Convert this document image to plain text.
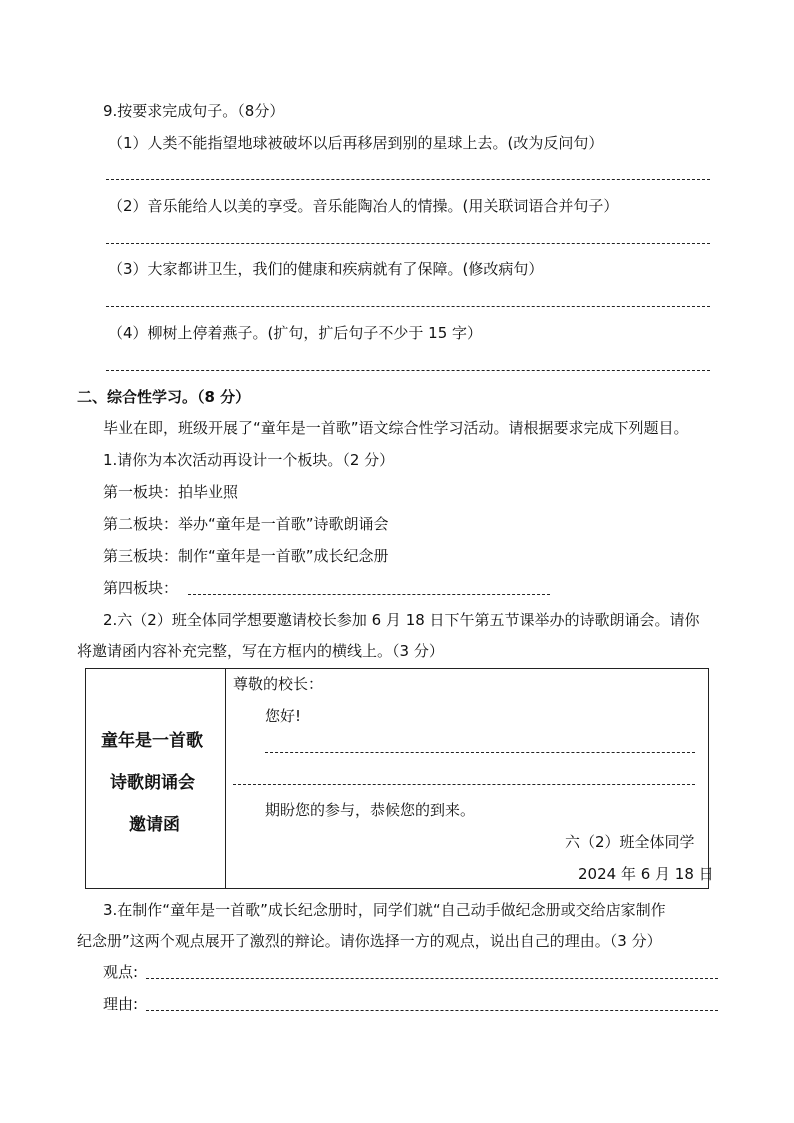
9.按要求完成句子。（8分）
（1）人类不能指望地球被破坏以后再移居到别的星球上去。(改为反问句）
（2）音乐能给人以美的享受。音乐能陶冶人的情操。(用关联词语合并句子）
（3）大家都讲卫生，我们的健康和疾病就有了保障。(修改病句）
（4）柳树上停着燕子。(扩句，扩后句子不少于 15 字）
二、综合性学习。（8 分）
毕业在即，班级开展了“童年是一首歌”语文综合性学习活动。请根据要求完成下列题目。
1.请你为本次活动再设计一个板块。（2 分）
第一板块：拍毕业照
第二板块：举办“童年是一首歌”诗歌朗诵会
第三板块：制作“童年是一首歌”成长纪念册
第四板块：
2.六（2）班全体同学想要邀请校长参加 6 月 18 日下午第五节课举办的诗歌朗诵会。请你
将邀请函内容补充完整，写在方框内的横线上。（3 分）
童年是一首歌
诗歌朗诵会
邀请函
尊敬的校长：
您好!
期盼您的参与，恭候您的到来。
六（2）班全体同学
2024 年 6 月 18 日
3.在制作“童年是一首歌”成长纪念册时，同学们就“自己动手做纪念册或交给店家制作
纪念册”这两个观点展开了激烈的辩论。请你选择一方的观点，说出自己的理由。（3 分）
观点:
理由:
